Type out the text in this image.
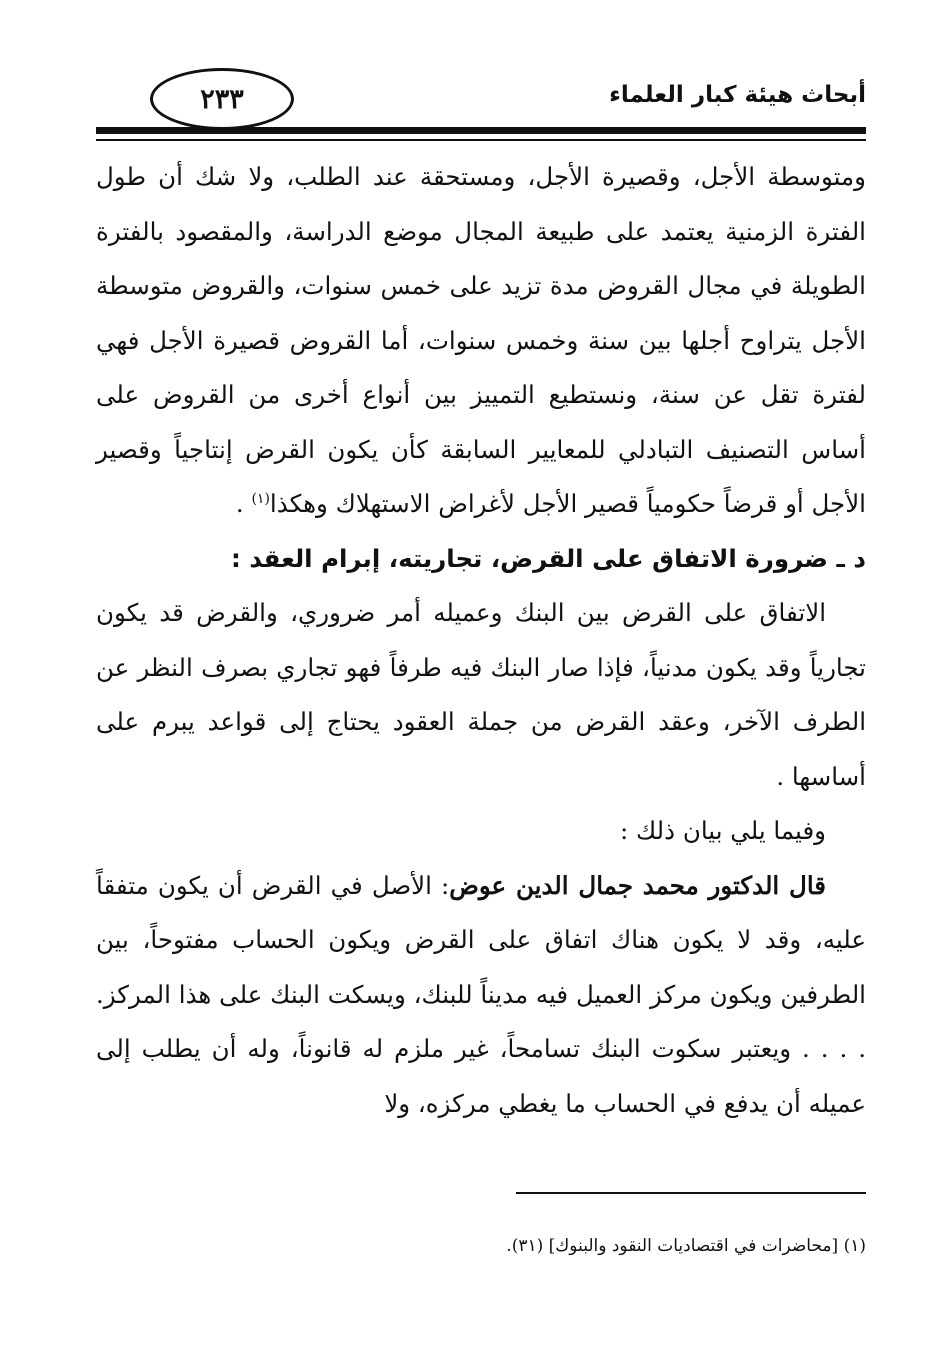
أبحاث هيئة كبار العلماء
٢٣٣

ومتوسطة الأجل، وقصيرة الأجل، ومستحقة عند الطلب، ولا شك أن طول الفترة الزمنية يعتمد على طبيعة المجال موضع الدراسة، والمقصود بالفترة الطويلة في مجال القروض مدة تزيد على خمس سنوات، والقروض متوسطة الأجل يتراوح أجلها بين سنة وخمس سنوات، أما القروض قصيرة الأجل فهي لفترة تقل عن سنة، ونستطيع التمييز بين أنواع أخرى من القروض على أساس التصنيف التبادلي للمعايير السابقة كأن يكون القرض إنتاجياً وقصير الأجل أو قرضاً حكومياً قصير الأجل لأغراض الاستهلاك وهكذا$^{(١)}$ .

د ـ ضرورة الاتفاق على القرض، تجاريته، إبرام العقد :

الاتفاق على القرض بين البنك وعميله أمر ضروري، والقرض قد يكون تجارياً وقد يكون مدنياً، فإذا صار البنك فيه طرفاً فهو تجاري بصرف النظر عن الطرف الآخر، وعقد القرض من جملة العقود يحتاج إلى قواعد يبرم على أساسها .

وفيما يلي بيان ذلك :

قال الدكتور محمد جمال الدين عوض: الأصل في القرض أن يكون متفقاً عليه، وقد لا يكون هناك اتفاق على القرض ويكون الحساب مفتوحاً، بين الطرفين ويكون مركز العميل فيه مديناً للبنك، ويسكت البنك على هذا المركز. . . . . ويعتبر سكوت البنك تسامحاً، غير ملزم له قانوناً، وله أن يطلب إلى عميله أن يدفع في الحساب ما يغطي مركزه، ولا

(١) [محاضرات في اقتصاديات النقود والبنوك] (٣١).
